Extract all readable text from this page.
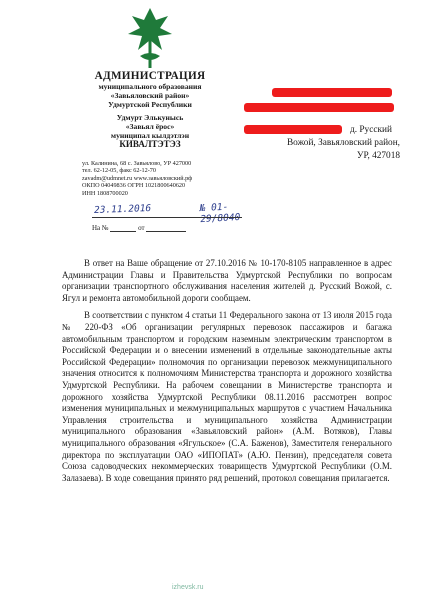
АДМИНИСТРАЦИЯ
муниципального образования
«Завьяловский район»
Удмуртской Республики
Удмурт Элькунысь
«Завьял ёрос»
муниципал кылдэтлэн
КИВАЛТЭТЭЗ
ул. Калинина, 68 с. Завьялово, УР 427000
тел. 62-12-05, факс 62-12-70
zavadm@udmnet.ru www.завьяловский.рф
ОКПО 04049836 ОГРН 1021800640620
ИНН 1808700020
23.11.2016	№ 01-29/8040
На №	от
д. Русский
Вожой, Завьяловский район,
УР, 427018

В ответ на Ваше обращение от 27.10.2016 № 10-170-8105 направленное в адрес Администрации Главы и Правительства Удмуртской Республики по вопросам организации транспортного обслуживания населения жителей д. Русский Вожой, с. Ягул и ремонта автомобильной дороги сообщаем.

В соответствии с пунктом 4 статьи 11 Федерального закона от 13 июля 2015 года № 220-ФЗ «Об организации регулярных перевозок пассажиров и багажа автомобильным транспортом и городским наземным электрическим транспортом в Российской Федерации и о внесении изменений в отдельные законодательные акты Российской Федерации» полномочия по организации перевозок межмуниципального значения относится к полномочиям Министерства транспорта и дорожного хозяйства Удмуртской Республики. На рабочем совещании в Министерстве транспорта и дорожного хозяйства Удмуртской Республики 08.11.2016 рассмотрен вопрос изменения муниципальных и межмуниципальных маршрутов с участием Начальника Управления строительства и муниципального хозяйства Администрации муниципального образования «Завьяловский район» (А.М. Вотяков), Главы муниципального образования «Ягульское» (С.А. Баженов), Заместителя генерального директора по эксплуатации ОАО «ИПОПАТ» (А.Ю. Пензин), председателя совета Союза садоводческих некоммерческих товариществ Удмуртской Республики (О.М. Залазаева). В ходе совещания принято ряд решений, протокол совещания прилагается.

izhevsk.ru
